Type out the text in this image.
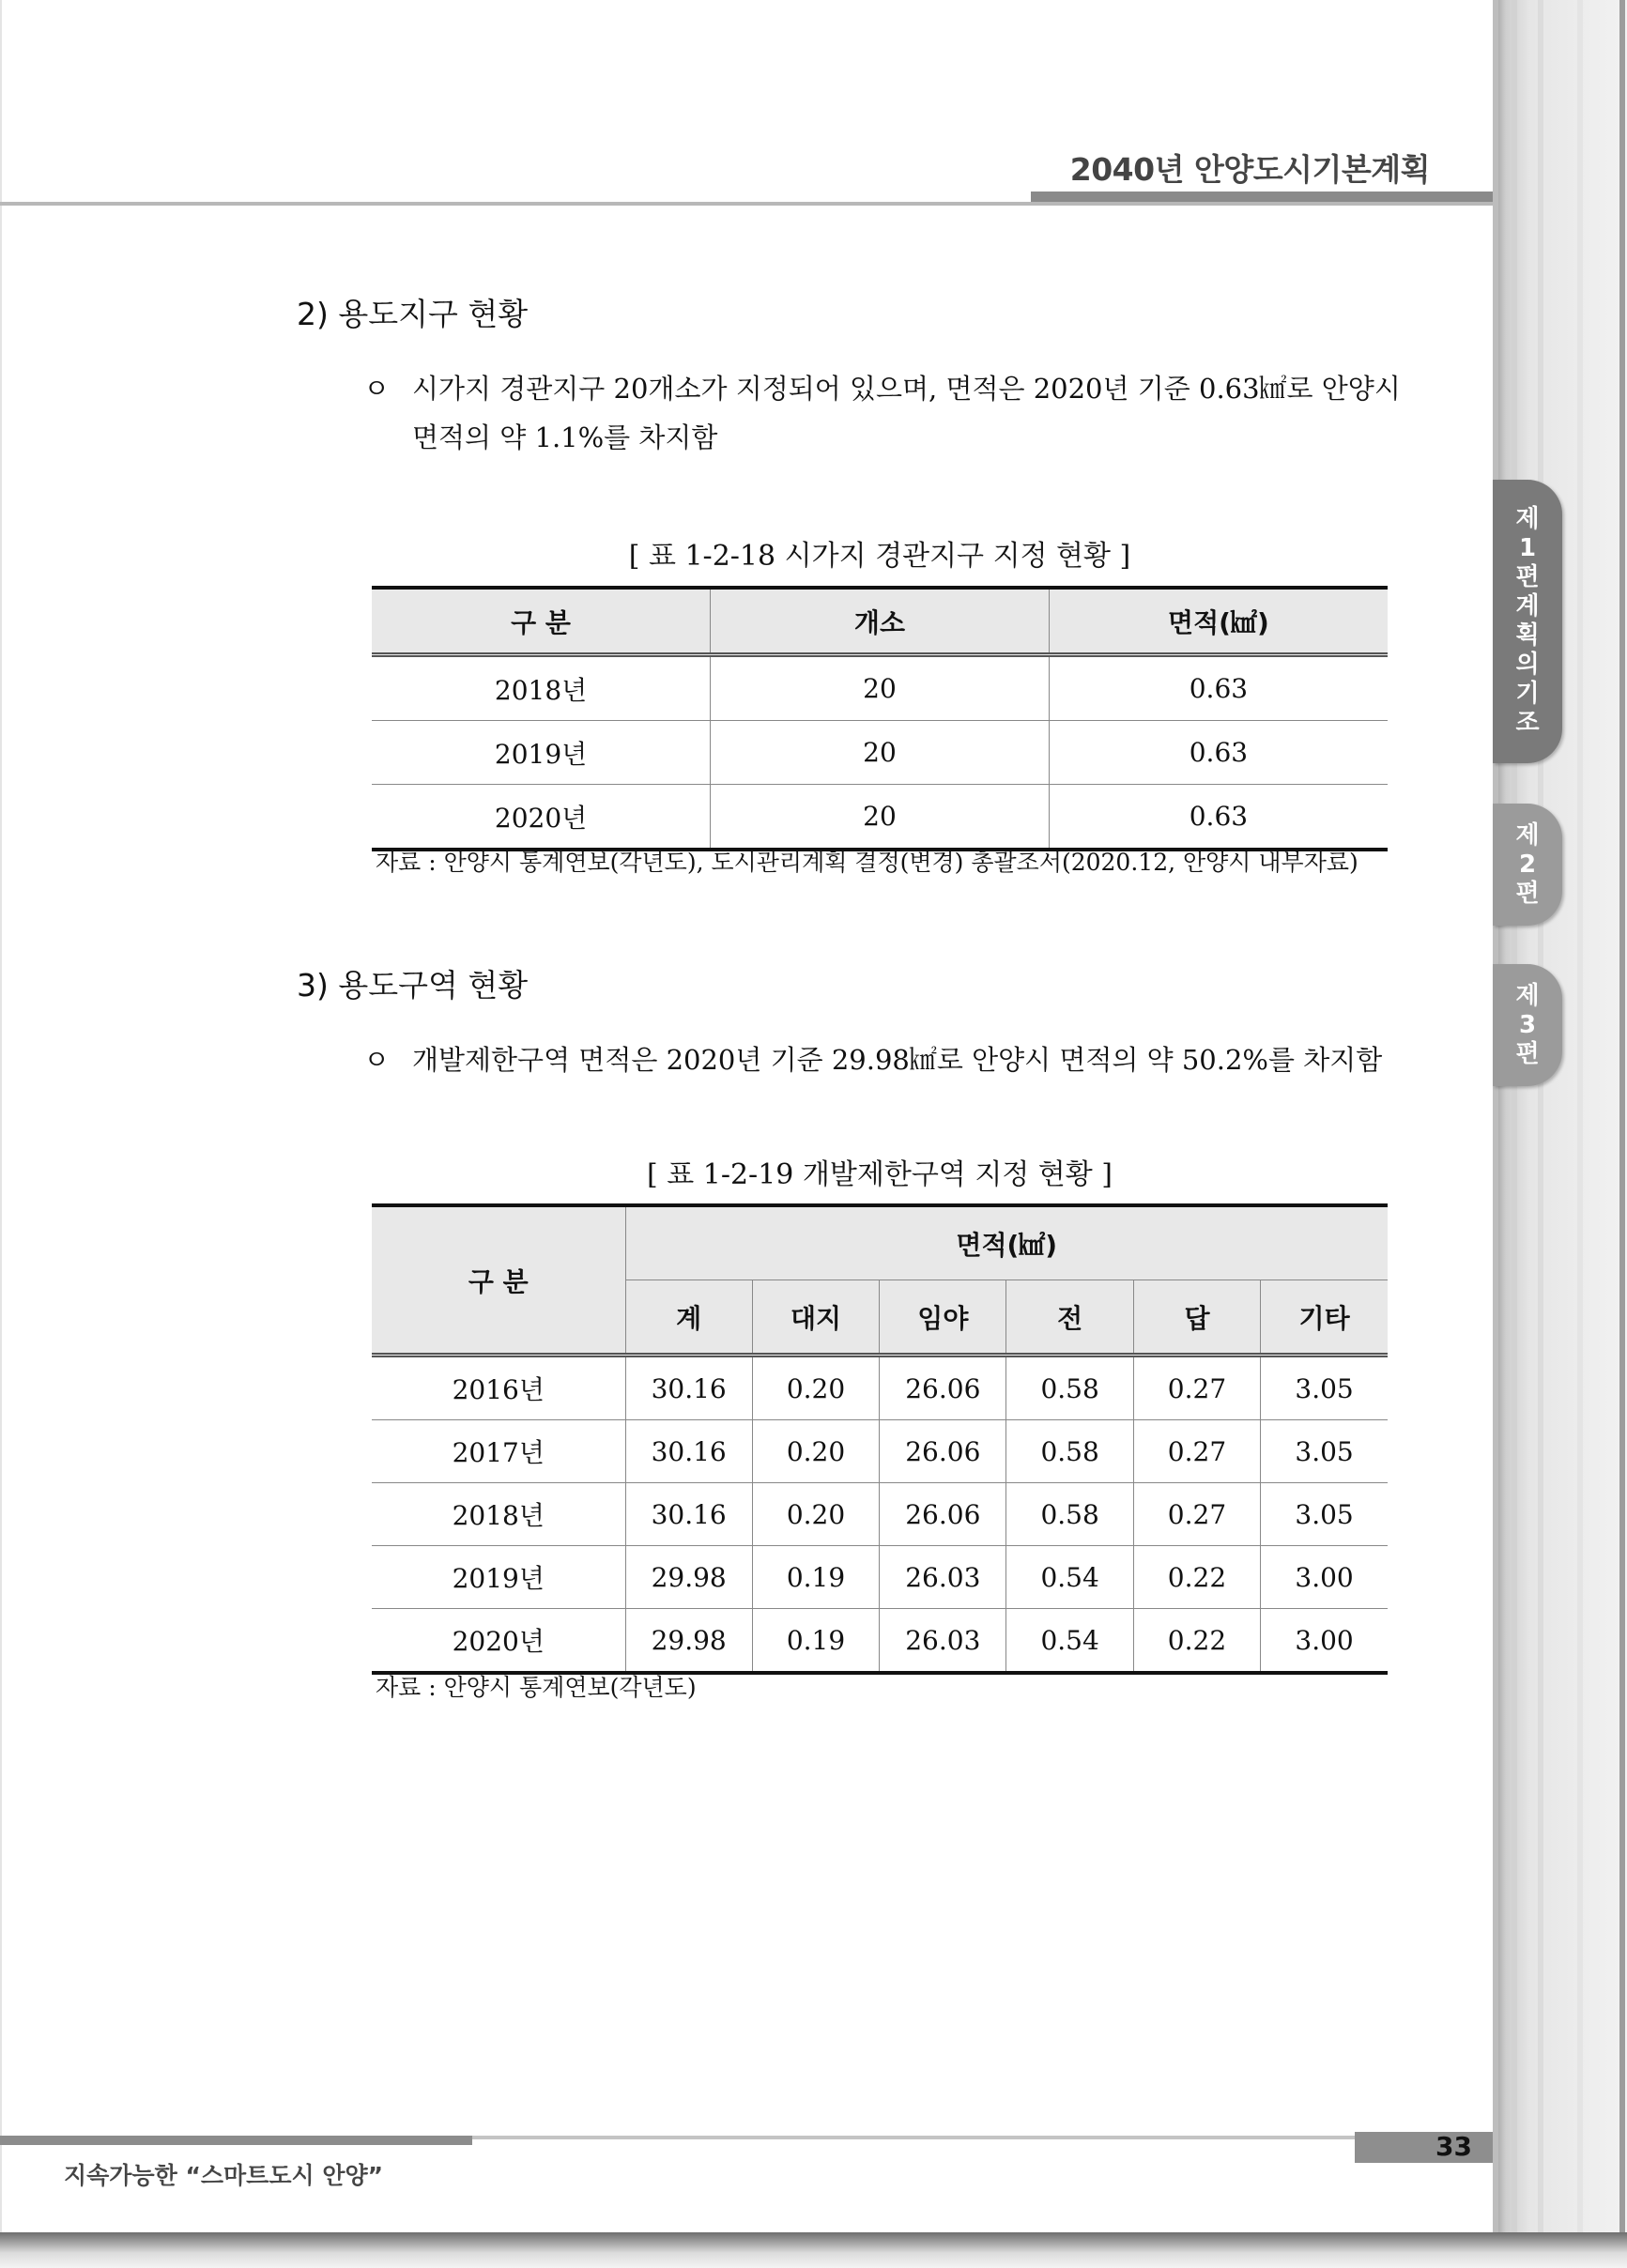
2040년 안양도시기본계획
제1편 계획의 기조
제2편
제3편
2) 용도지구 현황
ㅇ 시가지 경관지구 20개소가 지정되어 있으며, 면적은 2020년 기준 0.63㎢로 안양시
면적의 약 1.1%를 차지함
[ 표 1-2-18 시가지 경관지구 지정 현황 ]
구 분	개소	면적(㎢)
2018년	20	0.63
2019년	20	0.63
2020년	20	0.63
자료 : 안양시 통계연보(각년도), 도시관리계획 결정(변경) 총괄조서(2020.12, 안양시 내부자료)
3) 용도구역 현황
ㅇ 개발제한구역 면적은 2020년 기준 29.98㎢로 안양시 면적의 약 50.2%를 차지함
[ 표 1-2-19 개발제한구역 지정 현황 ]
구 분	면적(㎢)					
	계	대지	임야	전	답	기타
2016년	30.16	0.20	26.06	0.58	0.27	3.05
2017년	30.16	0.20	26.06	0.58	0.27	3.05
2018년	30.16	0.20	26.06	0.58	0.27	3.05
2019년	29.98	0.19	26.03	0.54	0.22	3.00
2020년	29.98	0.19	26.03	0.54	0.22	3.00
자료 : 안양시 통계연보(각년도)
33
지속가능한 “스마트도시 안양”
